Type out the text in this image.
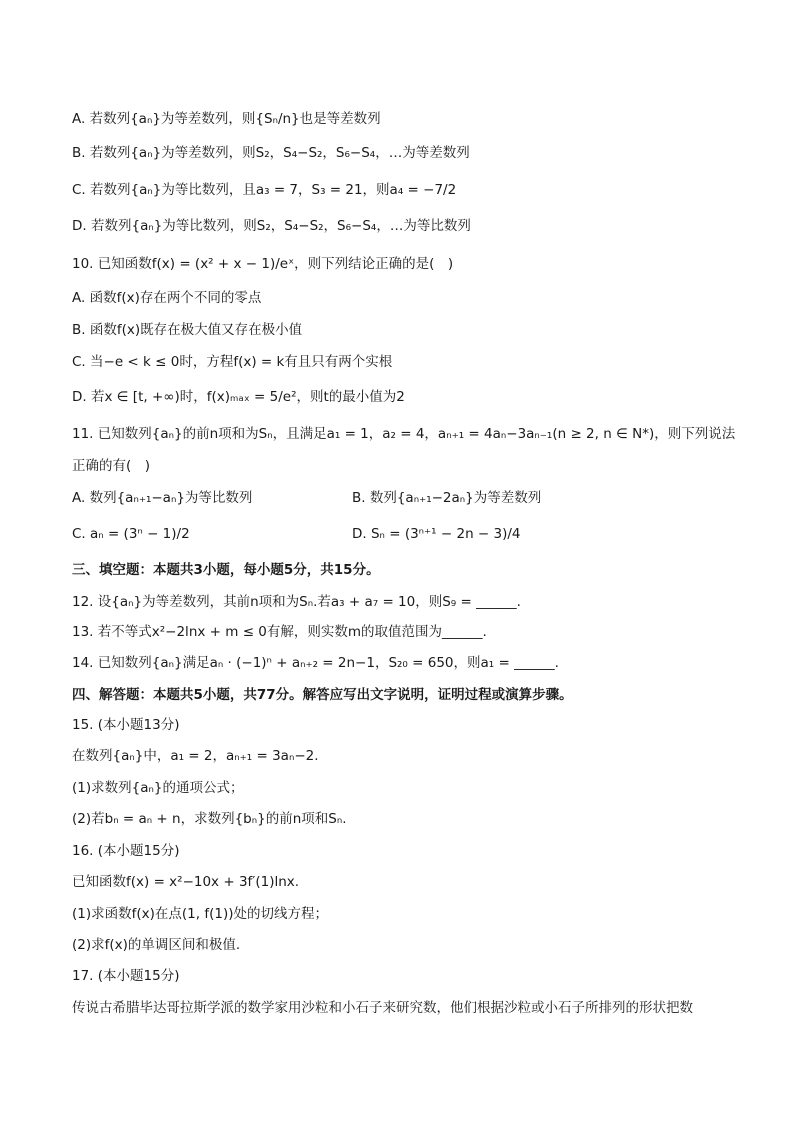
A. 若数列{aₙ}为等差数列，则{Sₙ/n}也是等差数列
B. 若数列{aₙ}为等差数列，则S₂，S₄−S₂，S₆−S₄，…为等差数列
C. 若数列{aₙ}为等比数列，且a₃ = 7，S₃ = 21，则a₄ = −7/2
D. 若数列{aₙ}为等比数列，则S₂，S₄−S₂，S₆−S₄，…为等比数列
10. 已知函数f(x) = (x² + x − 1)/eˣ，则下列结论正确的是(　)
A. 函数f(x)存在两个不同的零点
B. 函数f(x)既存在极大值又存在极小值
C. 当−e < k ≤ 0时，方程f(x) = k有且只有两个实根
D. 若x ∈ [t, +∞)时，f(x)ₘₐₓ = 5/e²，则t的最小值为2
11. 已知数列{aₙ}的前n项和为Sₙ，且满足a₁ = 1，a₂ = 4，aₙ₊₁ = 4aₙ−3aₙ₋₁(n ≥ 2, n ∈ N*)，则下列说法
正确的有(　)
A. 数列{aₙ₊₁−aₙ}为等比数列	B. 数列{aₙ₊₁−2aₙ}为等差数列
C. aₙ = (3ⁿ − 1)/2	D. Sₙ = (3ⁿ⁺¹ − 2n − 3)/4
三、填空题：本题共3小题，每小题5分，共15分。
12. 设{aₙ}为等差数列，其前n项和为Sₙ.若a₃ + a₇ = 10，则S₉ = ______.
13. 若不等式x²−2lnx + m ≤ 0有解，则实数m的取值范围为______.
14. 已知数列{aₙ}满足aₙ · (−1)ⁿ + aₙ₊₂ = 2n−1，S₂₀ = 650，则a₁ = ______.
四、解答题：本题共5小题，共77分。解答应写出文字说明，证明过程或演算步骤。
15. (本小题13分)
在数列{aₙ}中，a₁ = 2，aₙ₊₁ = 3aₙ−2.
(1)求数列{aₙ}的通项公式；
(2)若bₙ = aₙ + n，求数列{bₙ}的前n项和Sₙ.
16. (本小题15分)
已知函数f(x) = x²−10x + 3f′(1)lnx.
(1)求函数f(x)在点(1, f(1))处的切线方程；
(2)求f(x)的单调区间和极值.
17. (本小题15分)
传说古希腊毕达哥拉斯学派的数学家用沙粒和小石子来研究数，他们根据沙粒或小石子所排列的形状把数
